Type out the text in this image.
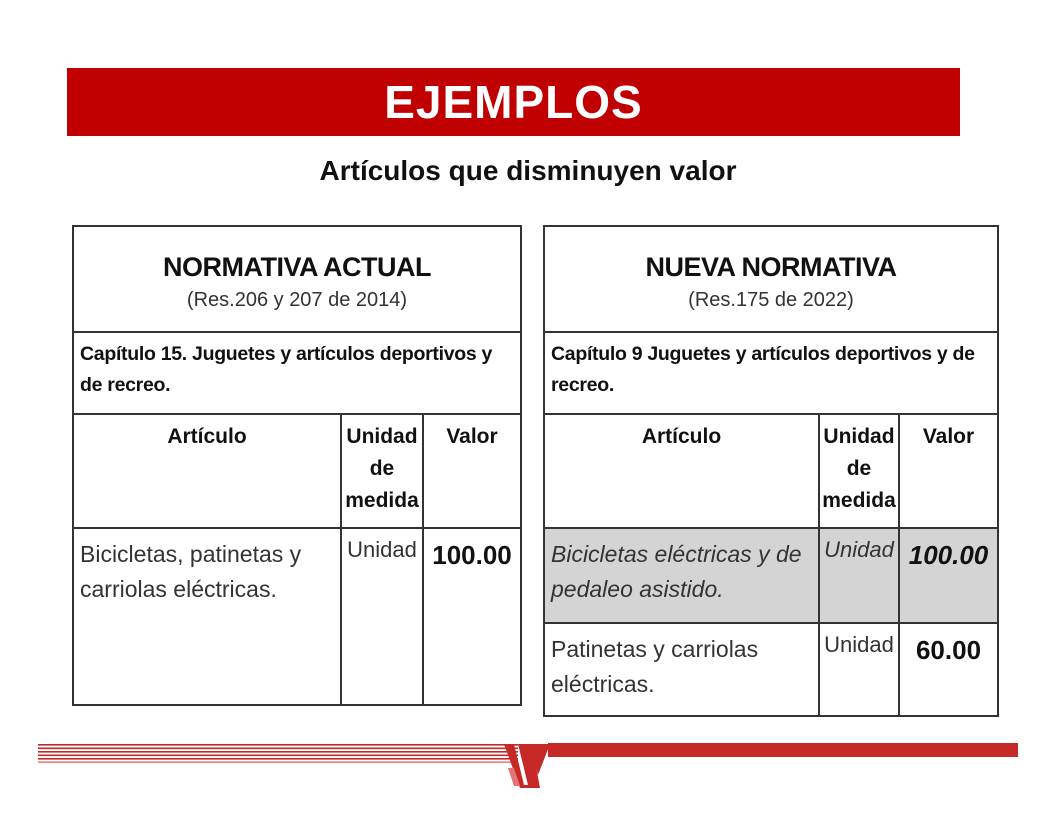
EJEMPLOS
Artículos que disminuyen valor
NORMATIVA ACTUAL
(Res.206 y 207 de 2014)		

Capítulo 15. Juguetes y artículos deportivos y de recreo.		
Artículo	Unidad de medida	Valor
Bicicletas, patinetas y carriolas eléctricas.	Unidad	100.00
NUEVA NORMATIVA
(Res.175 de 2022)		

Capítulo 9 Juguetes y artículos deportivos y de recreo.		
Artículo	Unidad de medida	Valor
Bicicletas eléctricas y de pedaleo asistido.	Unidad	100.00
Patinetas y carriolas eléctricas.	Unidad	60.00
